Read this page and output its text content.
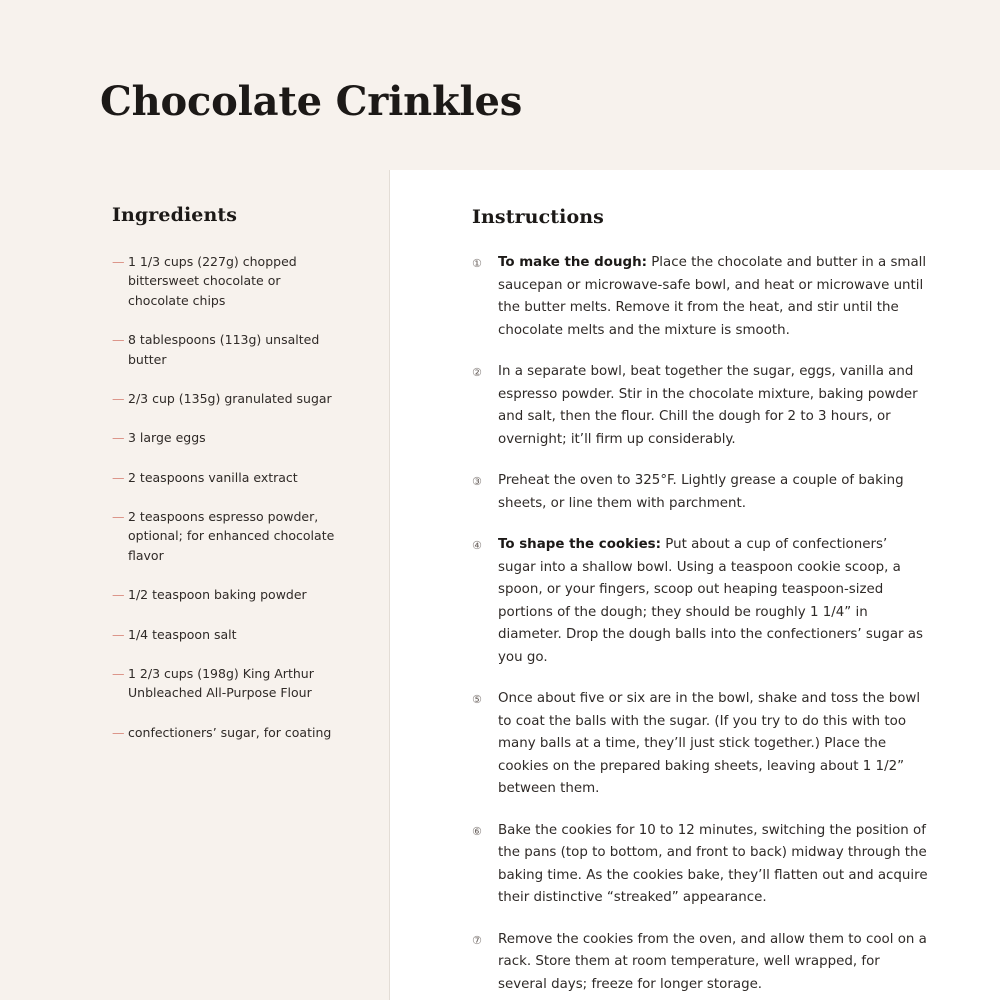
Chocolate Crinkles
Ingredients
— 1 1/3 cups (227g) chopped bittersweet chocolate or chocolate chips
— 8 tablespoons (113g) unsalted butter
— 2/3 cup (135g) granulated sugar
— 3 large eggs
— 2 teaspoons vanilla extract
— 2 teaspoons espresso powder, optional; for enhanced chocolate flavor
— 1/2 teaspoon baking powder
— 1/4 teaspoon salt
— 1 2/3 cups (198g) King Arthur Unbleached All-Purpose Flour
— confectioners’ sugar, for coating
Instructions
①	To make the dough: Place the chocolate and butter in a small saucepan or microwave-safe bowl, and heat or microwave until the butter melts. Remove it from the heat, and stir until the chocolate melts and the mixture is smooth.
②	In a separate bowl, beat together the sugar, eggs, vanilla and espresso powder. Stir in the chocolate mixture, baking powder and salt, then the flour. Chill the dough for 2 to 3 hours, or overnight; it’ll firm up considerably.
③	Preheat the oven to 325°F. Lightly grease a couple of baking sheets, or line them with parchment.
④	To shape the cookies: Put about a cup of confectioners’ sugar into a shallow bowl. Using a teaspoon cookie scoop, a spoon, or your fingers, scoop out heaping teaspoon-sized portions of the dough; they should be roughly 1 1/4” in diameter. Drop the dough balls into the confectioners’ sugar as you go.
⑤	Once about five or six are in the bowl, shake and toss the bowl to coat the balls with the sugar. (If you try to do this with too many balls at a time, they’ll just stick together.) Place the cookies on the prepared baking sheets, leaving about 1 1/2” between them.
⑥	Bake the cookies for 10 to 12 minutes, switching the position of the pans (top to bottom, and front to back) midway through the baking time. As the cookies bake, they’ll flatten out and acquire their distinctive “streaked” appearance.
⑦	Remove the cookies from the oven, and allow them to cool on a rack. Store them at room temperature, well wrapped, for several days; freeze for longer storage.
